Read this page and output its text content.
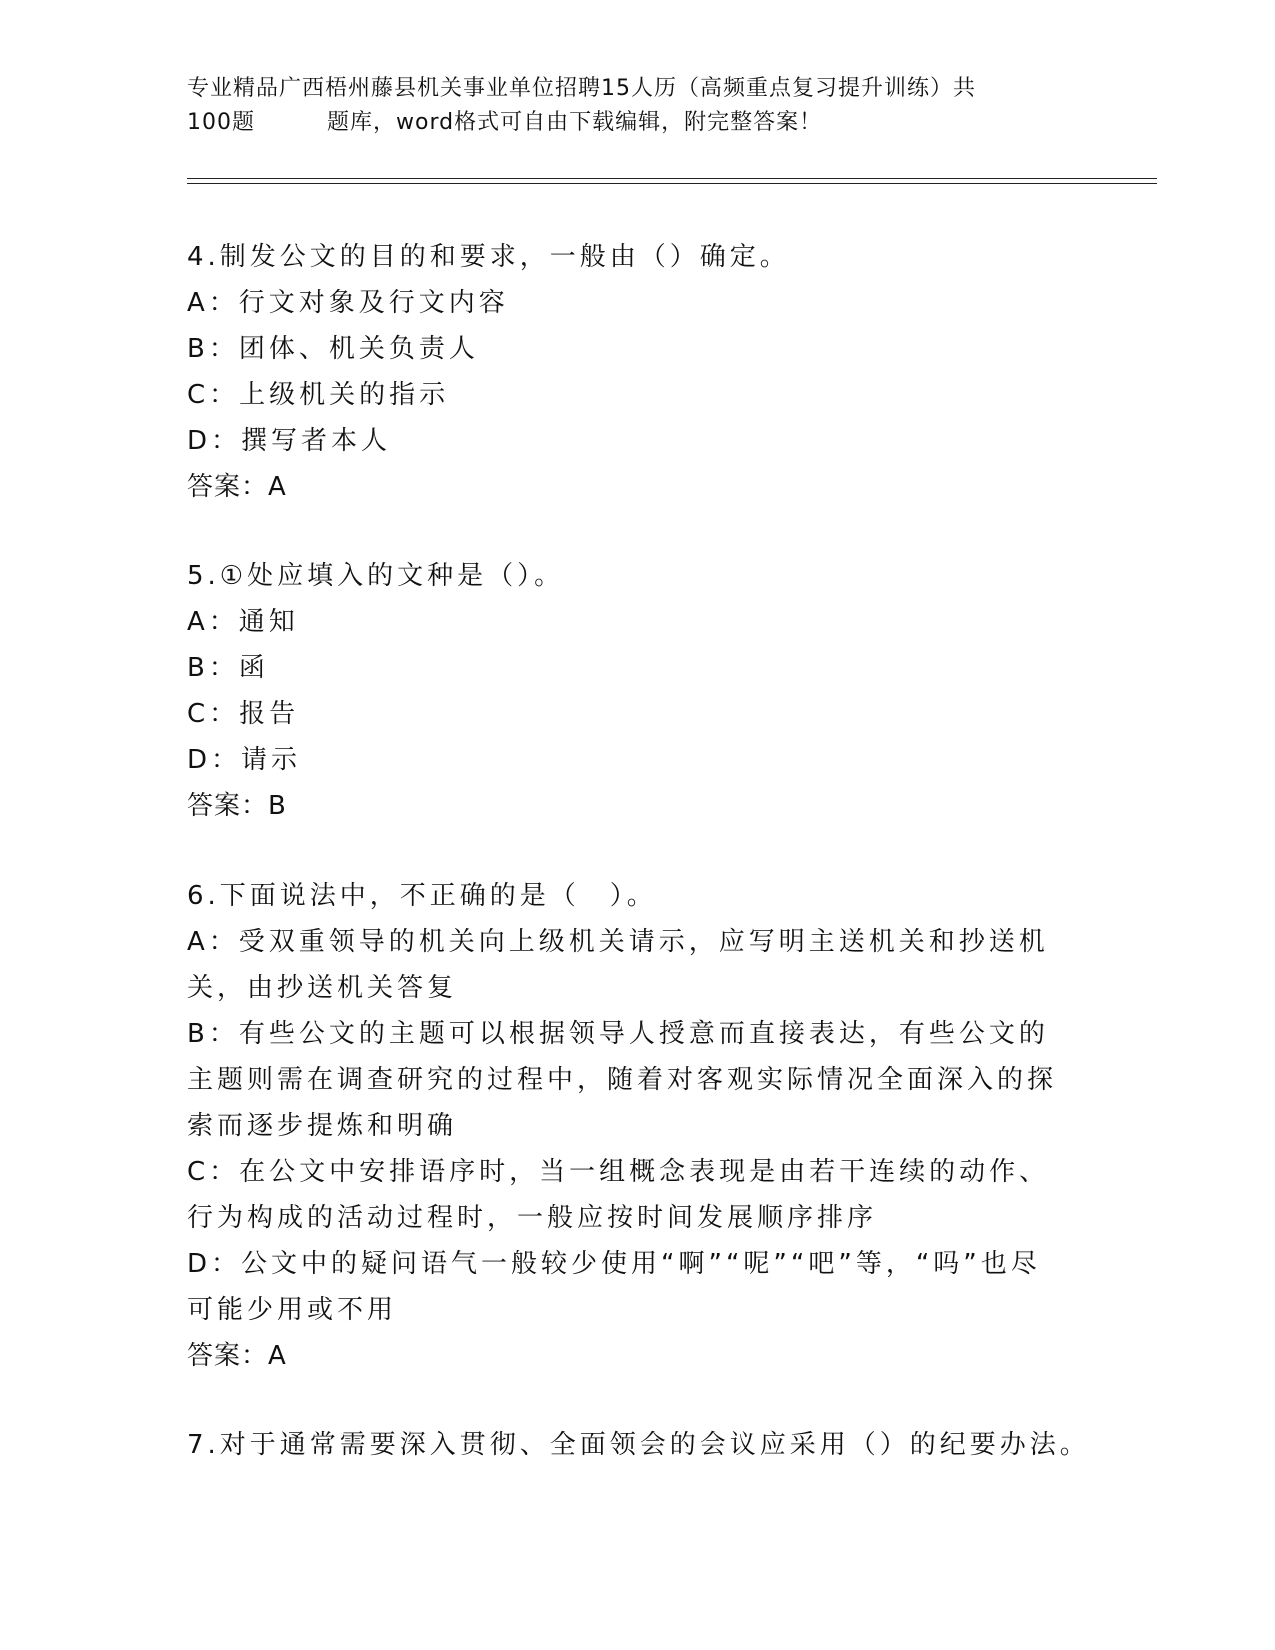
专业精品广西梧州藤县机关事业单位招聘15人历（高频重点复习提升训练）共
100题	题库，word格式可自由下载编辑，附完整答案！
4.制发公文的目的和要求，一般由（）确定。
A：行文对象及行文内容
B：团体、机关负责人
C：上级机关的指示
D：撰写者本人
答案：A
5.①处应填入的文种是（）。
A：通知
B：函
C：报告
D：请示
答案：B
6.下面说法中，不正确的是（　）。
A：受双重领导的机关向上级机关请示，应写明主送机关和抄送机关，由抄送机关答复
B：有些公文的主题可以根据领导人授意而直接表达，有些公文的主题则需在调查研究的过程中，随着对客观实际情况全面深入的探索而逐步提炼和明确
C：在公文中安排语序时，当一组概念表现是由若干连续的动作、行为构成的活动过程时，一般应按时间发展顺序排序
D：公文中的疑问语气一般较少使用“啊”“呢”“吧”等，“吗”也尽可能少用或不用
答案：A
7.对于通常需要深入贯彻、全面领会的会议应采用（）的纪要办法。
